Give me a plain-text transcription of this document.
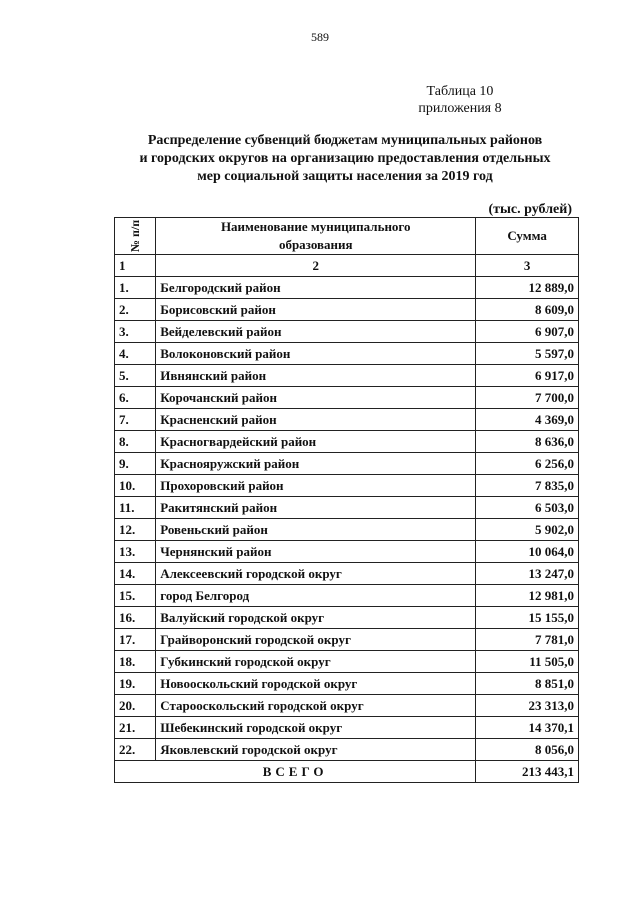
589
Таблица 10
приложения 8
Распределение субвенций бюджетам муниципальных районов
и городских округов на организацию предоставления отдельных
мер социальной защиты населения за 2019 год
(тыс. рублей)
№ п/п	Наименование муниципального
образования	Сумма
1	2	3
1.	Белгородский район	12 889,0
2.	Борисовский район	8 609,0
3.	Вейделевский район	6 907,0
4.	Волоконовский район	5 597,0
5.	Ивнянский район	6 917,0
6.	Корочанский район	7 700,0
7.	Красненский район	4 369,0
8.	Красногвардейский район	8 636,0
9.	Краснояружский район	6 256,0
10.	Прохоровский район	7 835,0
11.	Ракитянский район	6 503,0
12.	Ровеньский район	5 902,0
13.	Чернянский район	10 064,0
14.	Алексеевский городской округ	13 247,0
15.	город Белгород	12 981,0
16.	Валуйский городской округ	15 155,0
17.	Грайворонский городской округ	7 781,0
18.	Губкинский городской округ	11 505,0
19.	Новооскольский городской округ	8 851,0
20.	Старооскольский городской округ	23 313,0
21.	Шебекинский городской округ	14 370,1
22.	Яковлевский городской округ	8 056,0
ВСЕГО		213 443,1
